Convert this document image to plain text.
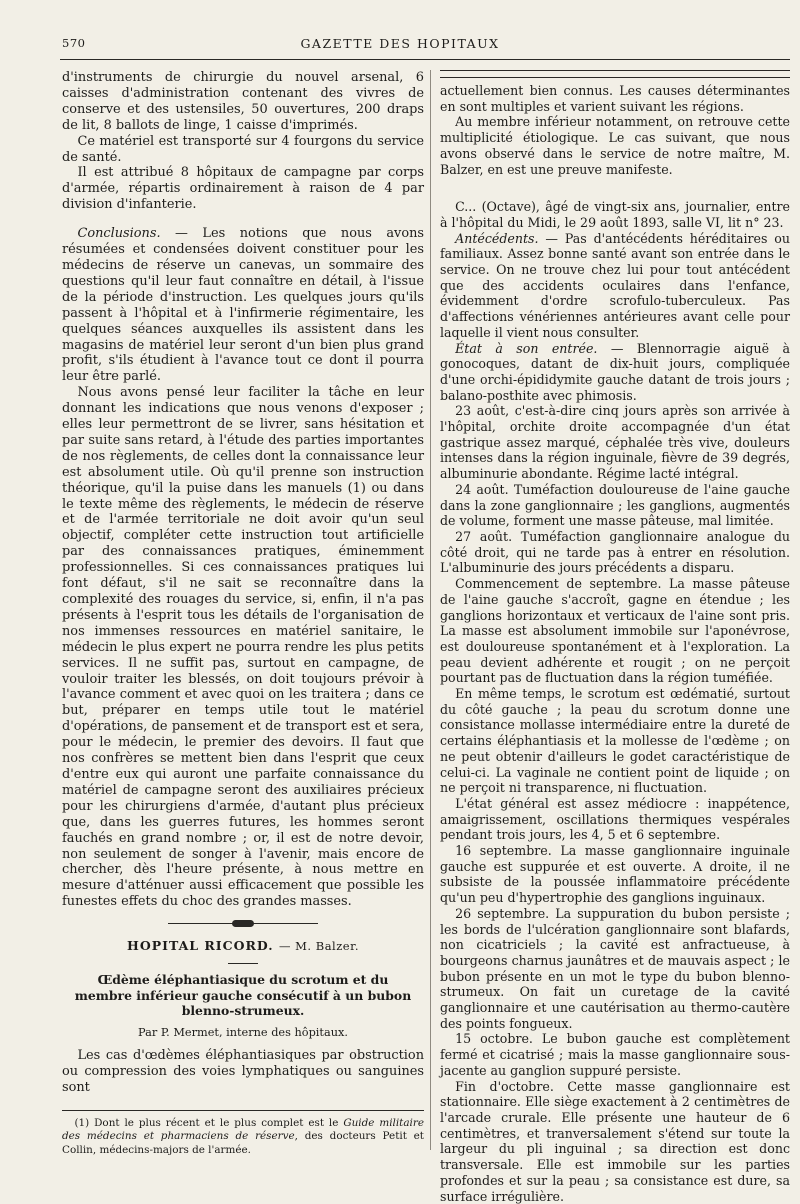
570	GAZETTE DES HOPITAUX

d'instruments de chirurgie du nouvel arsenal, 6 caisses d'administration contenant des vivres de conserve et des ustensiles, 50 ouvertures, 200 draps de lit, 8 ballots de linge, 1 caisse d'imprimés.

Ce matériel est transporté sur 4 fourgons du service de santé.

Il est attribué 8 hôpitaux de campagne par corps d'armée, répartis ordinairement à raison de 4 par division d'infanterie.

Conclusions. — Les notions que nous avons résumées et condensées doivent constituer pour les médecins de réserve un canevas, un sommaire des questions qu'il leur faut connaître en détail, à l'issue de la période d'instruction. Les quelques jours qu'ils passent à l'hôpital et à l'infirmerie régimentaire, les quelques séances auxquelles ils assistent dans les magasins de matériel leur seront d'un bien plus grand profit, s'ils étudient à l'avance tout ce dont il pourra leur être parlé.

Nous avons pensé leur faciliter la tâche en leur donnant les indications que nous venons d'exposer ; elles leur permettront de se livrer, sans hésitation et par suite sans retard, à l'étude des parties importantes de nos règlements, de celles dont la connaissance leur est absolument utile. Où qu'il prenne son instruction théorique, qu'il la puise dans les manuels (1) ou dans le texte même des règlements, le médecin de réserve et de l'armée territoriale ne doit avoir qu'un seul objectif, compléter cette instruction tout artificielle par des connaissances pratiques, éminemment professionnelles. Si ces connaissances pratiques lui font défaut, s'il ne sait se reconnaître dans la complexité des rouages du service, si, enfin, il n'a pas présents à l'esprit tous les détails de l'organisation de nos immenses ressources en matériel sanitaire, le médecin le plus expert ne pourra rendre les plus petits services. Il ne suffit pas, surtout en campagne, de vouloir traiter les blessés, on doit toujours prévoir à l'avance comment et avec quoi on les traitera ; dans ce but, préparer en temps utile tout le matériel d'opérations, de pansement et de transport est et sera, pour le médecin, le premier des devoirs. Il faut que nos confrères se mettent bien dans l'esprit que ceux d'entre eux qui auront une parfaite connaissance du matériel de campagne seront des auxiliaires précieux pour les chirurgiens d'armée, d'autant plus précieux que, dans les guerres futures, les hommes seront fauchés en grand nombre ; or, il est de notre devoir, non seulement de songer à l'avenir, mais encore de chercher, dès l'heure présente, à nous mettre en mesure d'atténuer aussi efficacement que possible les funestes effets du choc des grandes masses.

HOPITAL RICORD. — M. Balzer.
Œdème éléphantiasique du scrotum et du membre inférieur gauche consécutif à un bubon blenno-strumeux.
Par P. Mermet, interne des hôpitaux.

Les cas d'œdèmes éléphantiasiques par obstruction ou compression des voies lymphatiques ou sanguines sont

(1) Dont le plus récent et le plus complet est le Guide militaire des médecins et pharmaciens de réserve, des docteurs Petit et Collin, médecins-majors de l'armée.

actuellement bien connus. Les causes déterminantes en sont multiples et varient suivant les régions.

Au membre inférieur notamment, on retrouve cette multiplicité étiologique. Le cas suivant, que nous avons observé dans le service de notre maître, M. Balzer, en est une preuve manifeste.

C... (Octave), âgé de vingt-six ans, journalier, entre à l'hôpital du Midi, le 29 août 1893, salle VI, lit n° 23.

Antécédents. — Pas d'antécédents héréditaires ou familiaux. Assez bonne santé avant son entrée dans le service. On ne trouve chez lui pour tout antécédent que des accidents oculaires dans l'enfance, évidemment d'ordre scrofulo-tuberculeux. Pas d'affections vénériennes antérieures avant celle pour laquelle il vient nous consulter.

État à son entrée. — Blennorragie aiguë à gonocoques, datant de dix-huit jours, compliquée d'une orchi-épididymite gauche datant de trois jours ; balano-posthite avec phimosis.

23 août, c'est-à-dire cinq jours après son arrivée à l'hôpital, orchite droite accompagnée d'un état gastrique assez marqué, céphalée très vive, douleurs intenses dans la région inguinale, fièvre de 39 degrés, albuminurie abondante. Régime lacté intégral.

24 août. Tuméfaction douloureuse de l'aine gauche dans la zone ganglionnaire ; les ganglions, augmentés de volume, forment une masse pâteuse, mal limitée.

27 août. Tuméfaction ganglionnaire analogue du côté droit, qui ne tarde pas à entrer en résolution. L'albuminurie des jours précédents a disparu.

Commencement de septembre. La masse pâteuse de l'aine gauche s'accroît, gagne en étendue ; les ganglions horizontaux et verticaux de l'aine sont pris. La masse est absolument immobile sur l'aponévrose, est douloureuse spontanément et à l'exploration. La peau devient adhérente et rougit ; on ne perçoit pourtant pas de fluctuation dans la région tuméfiée.

En même temps, le scrotum est œdématié, surtout du côté gauche ; la peau du scrotum donne une consistance mollasse intermédiaire entre la dureté de certains éléphantiasis et la mollesse de l'œdème ; on ne peut obtenir d'ailleurs le godet caractéristique de celui-ci. La vaginale ne contient point de liquide ; on ne perçoit ni transparence, ni fluctuation.

L'état général est assez médiocre : inappétence, amaigrissement, oscillations thermiques vespérales pendant trois jours, les 4, 5 et 6 septembre.

16 septembre. La masse ganglionnaire inguinale gauche est suppurée et est ouverte. A droite, il ne subsiste de la poussée inflammatoire précédente qu'un peu d'hypertrophie des ganglions inguinaux.

26 septembre. La suppuration du bubon persiste ; les bords de l'ulcération ganglionnaire sont blafards, non cicatriciels ; la cavité est anfractueuse, à bourgeons charnus jaunâtres et de mauvais aspect ; le bubon présente en un mot le type du bubon blenno-strumeux. On fait un curetage de la cavité ganglionnaire et une cautérisation au thermo-cautère des points fongueux.

15 octobre. Le bubon gauche est complètement fermé et cicatrisé ; mais la masse ganglionnaire sous-jacente au ganglion suppuré persiste.

Fin d'octobre. Cette masse ganglionnaire est stationnaire. Elle siège exactement à 2 centimètres de l'arcade crurale. Elle présente une hauteur de 6 centimètres, et tranversalement s'étend sur toute la largeur du pli inguinal ; sa direction est donc transversale. Elle est immobile sur les parties profondes et sur la peau ; sa consistance est dure, sa surface irrégulière.
